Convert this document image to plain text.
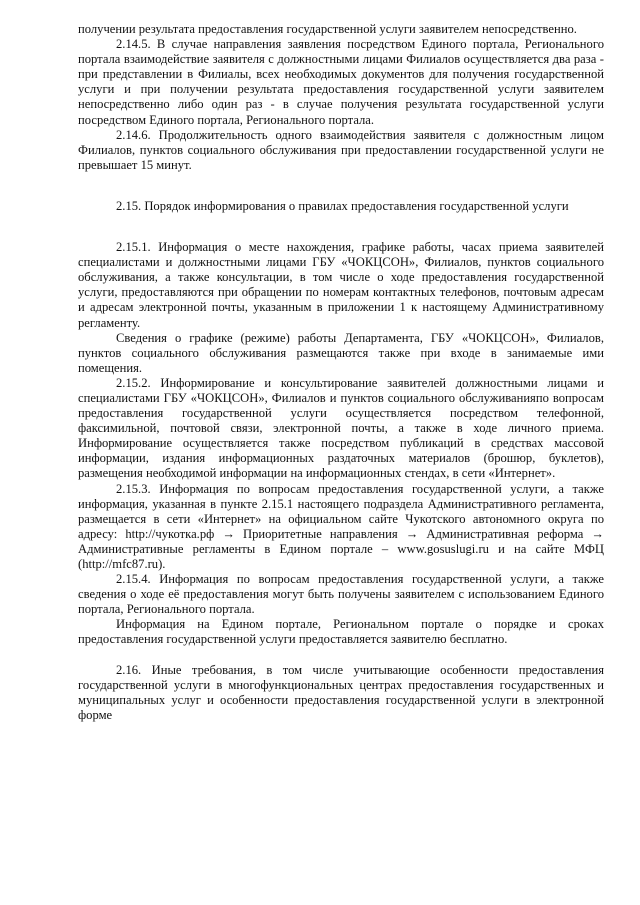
получении результата предоставления государственной услуги заявителем непосредственно.

2.14.5. В случае направления заявления посредством Единого портала, Регионального портала взаимодействие заявителя с должностными лицами Филиалов осуществляется два раза - при представлении в Филиалы, всех необходимых документов для получения государственной услуги и при получении результата предоставления государственной услуги заявителем непосредственно либо один раз - в случае получения результата государственной услуги посредством Единого портала, Регионального портала.

2.14.6. Продолжительность одного взаимодействия заявителя с должностным лицом Филиалов, пунктов социального обслуживания при предоставлении государственной услуги не превышает 15 минут.

2.15. Порядок информирования о правилах предоставления государственной услуги

2.15.1. Информация о месте нахождения, графике работы, часах приема заявителей специалистами и должностными лицами ГБУ «ЧОКЦСОН», Филиалов, пунктов социального обслуживания, а также консультации, в том числе о ходе предоставления государственной услуги, предоставляются при обращении по номерам контактных телефонов, почтовым адресам и адресам электронной почты, указанным в приложении 1 к настоящему Административному регламенту.

Сведения о графике (режиме) работы Департамента, ГБУ «ЧОКЦСОН», Филиалов, пунктов социального обслуживания размещаются также при входе в занимаемые ими помещения.

2.15.2. Информирование и консультирование заявителей должностными лицами и специалистами ГБУ «ЧОКЦСОН», Филиалов и пунктов социального обслуживанияпо вопросам предоставления государственной услуги осуществляется посредством телефонной, факсимильной, почтовой связи, электронной почты, а также в ходе личного приема. Информирование осуществляется также посредством публикаций в средствах массовой информации, издания информационных раздаточных материалов (брошюр, буклетов), размещения необходимой информации на информационных стендах, в сети «Интернет».

2.15.3. Информация по вопросам предоставления государственной услуги, а также информация, указанная в пункте 2.15.1 настоящего подраздела Административного регламента, размещается в сети «Интернет» на официальном сайте Чукотского автономного округа по адресу: http://чукотка.рф → Приоритетные направления → Административная реформа → Административные регламенты в Едином портале – www.gosuslugi.ru и на сайте МФЦ (http://mfc87.ru).

2.15.4. Информация по вопросам предоставления государственной услуги, а также сведения о ходе её предоставления могут быть получены заявителем с использованием Единого портала, Регионального портала.

Информация на Едином портале, Региональном портале о порядке и сроках предоставления государственной услуги предоставляется заявителю бесплатно.

2.16. Иные требования, в том числе учитывающие особенности предоставления государственной услуги в многофункциональных центрах предоставления государственных и муниципальных услуг и особенности предоставления государственной услуги в электронной форме
